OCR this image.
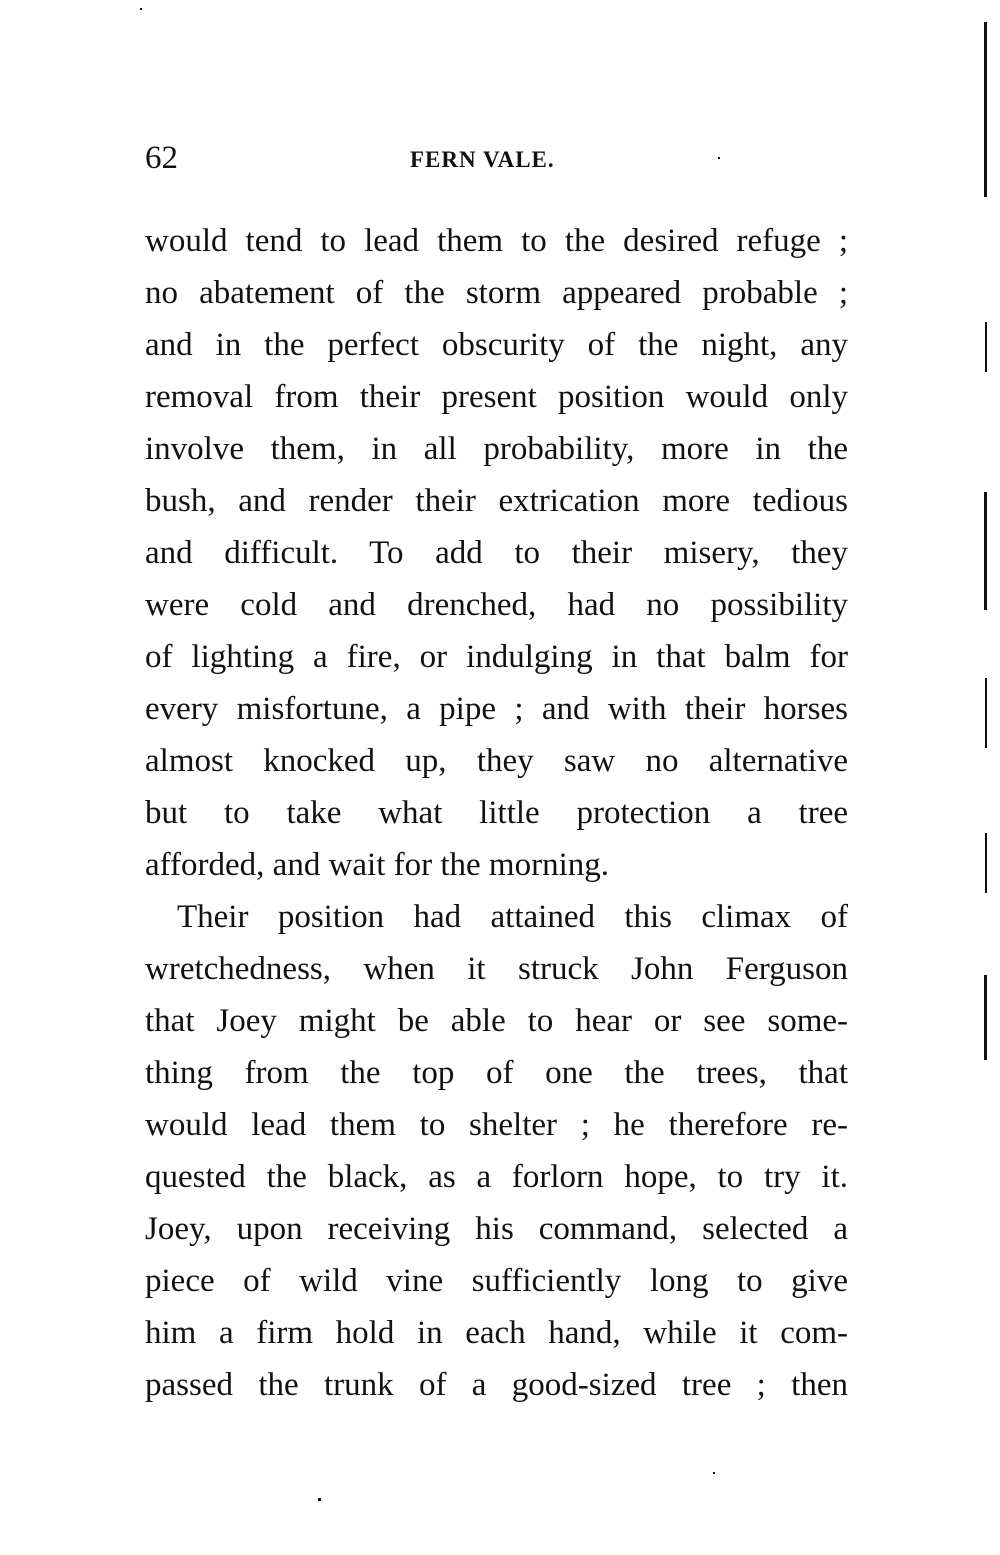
62	FERN VALE.
would tend to lead them to the desired refuge ;
no abatement of the storm appeared probable ;
and in the perfect obscurity of the night, any
removal from their present position would only
involve them, in all probability, more in the
bush, and render their extrication more tedious
and difficult. To add to their misery, they
were cold and drenched, had no possibility
of lighting a fire, or indulging in that balm for
every misfortune, a pipe ; and with their horses
almost knocked up, they saw no alternative
but to take what little protection a tree
afforded, and wait for the morning.
Their position had attained this climax of
wretchedness, when it struck John Ferguson
that Joey might be able to hear or see some-
thing from the top of one the trees, that
would lead them to shelter ; he therefore re-
quested the black, as a forlorn hope, to try it.
Joey, upon receiving his command, selected a
piece of wild vine sufficiently long to give
him a firm hold in each hand, while it com-
passed the trunk of a good-sized tree ; then
